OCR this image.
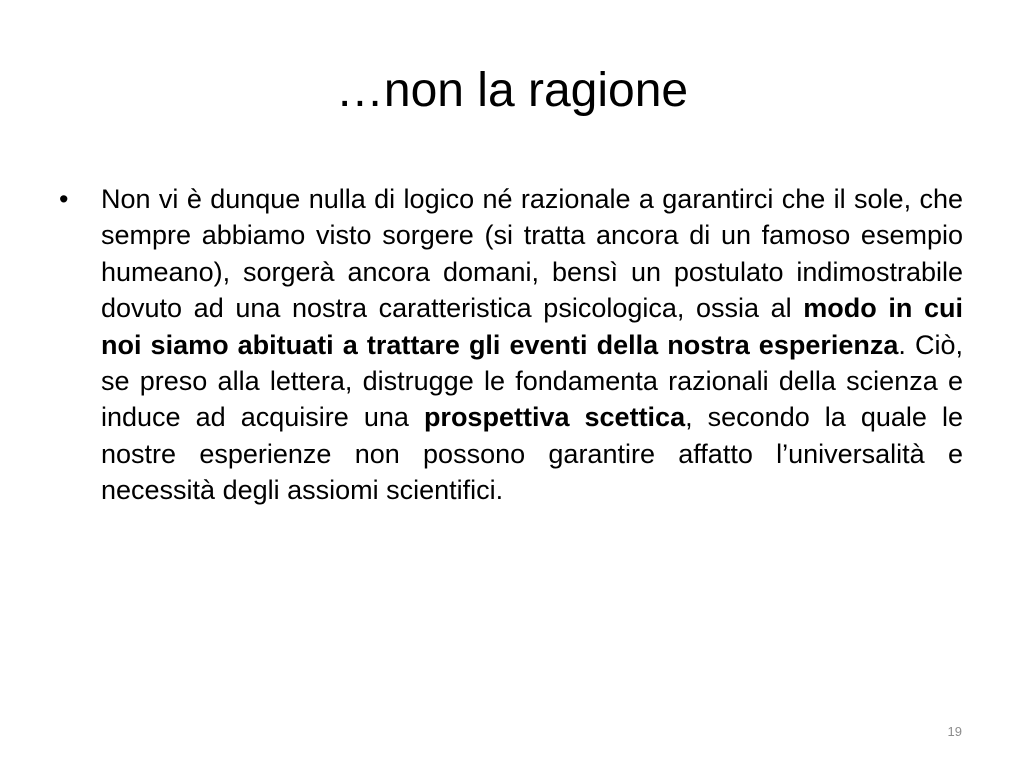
…non la ragione
• Non vi è dunque nulla di logico né razionale a garantirci che il sole, che sempre abbiamo visto sorgere (si tratta ancora di un famoso esempio humeano), sorgerà ancora domani, bensì un postulato indimostrabile dovuto ad una nostra caratteristica psicologica, ossia al modo in cui noi siamo abituati a trattare gli eventi della nostra esperienza. Ciò, se preso alla lettera, distrugge le fondamenta razionali della scienza e induce ad acquisire una prospettiva scettica, secondo la quale le nostre esperienze non possono garantire affatto l’universalità e necessità degli assiomi scientifici.
19
